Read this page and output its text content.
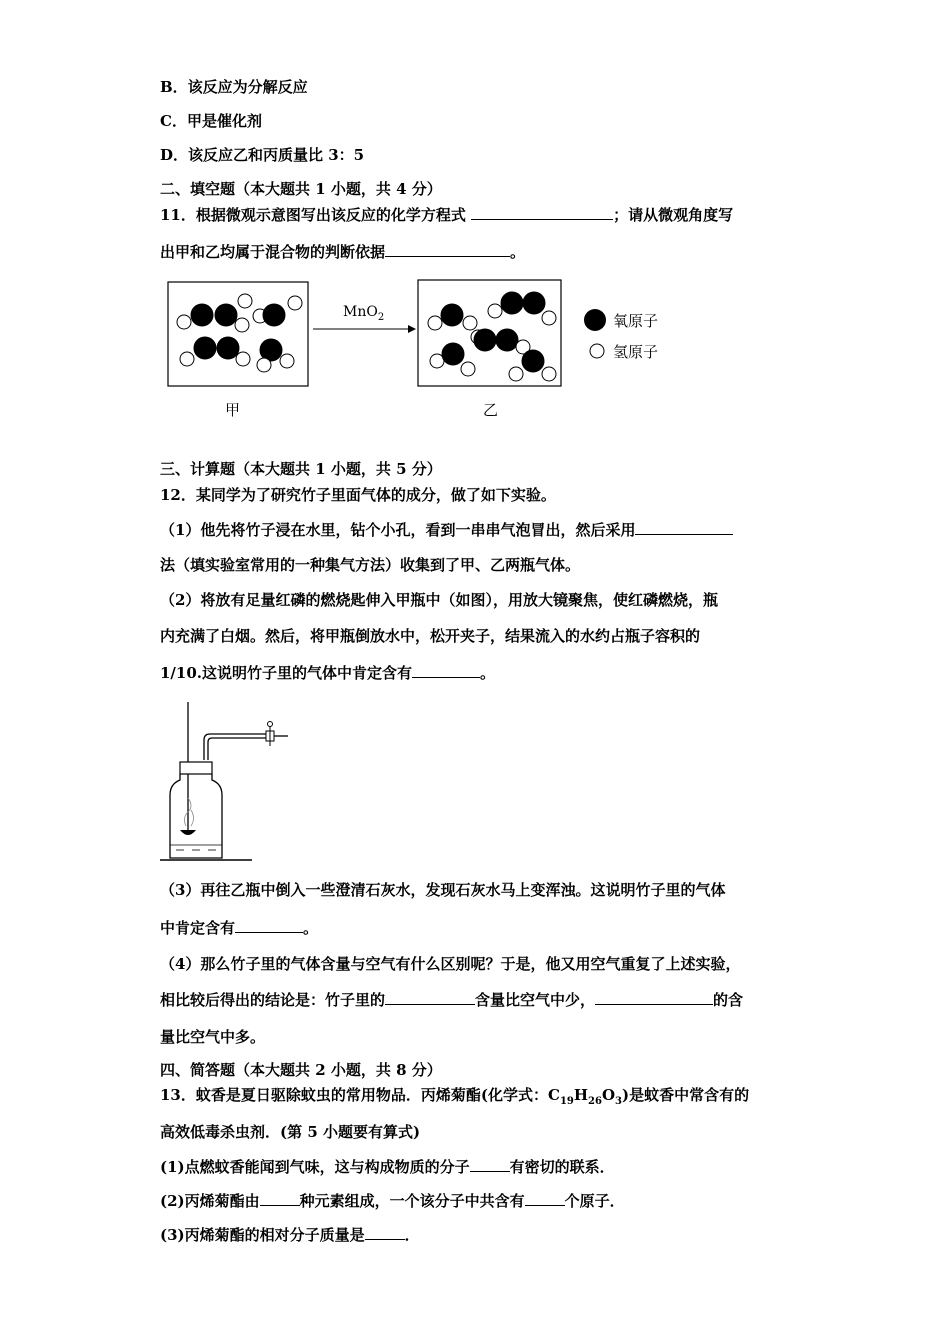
B．该反应为分解反应
C．甲是催化剂
D．该反应乙和丙质量比 3：5
二、填空题（本大题共 1 小题，共 4 分）
11．根据微观示意图写出该反应的化学方程式	；请从微观角度写
出甲和乙均属于混合物的判断依据	。
MnO$_2$	氧原子
氢原子
甲	乙
三、计算题（本大题共 1 小题，共 5 分）
12．某同学为了研究竹子里面气体的成分，做了如下实验。
（1）他先将竹子浸在水里，钻个小孔，看到一串串气泡冒出，然后采用
法（填实验室常用的一种集气方法）收集到了甲、乙两瓶气体。
（2）将放有足量红磷的燃烧匙伸入甲瓶中（如图），用放大镜聚焦，使红磷燃烧，瓶
内充满了白烟。然后，将甲瓶倒放水中，松开夹子，结果流入的水约占瓶子容积的
1/10.这说明竹子里的气体中肯定含有	。
（3）再往乙瓶中倒入一些澄清石灰水，发现石灰水马上变浑浊。这说明竹子里的气体
中肯定含有	。
（4）那么竹子里的气体含量与空气有什么区别呢？于是，他又用空气重复了上述实验，
相比较后得出的结论是：竹子里的	含量比空气中少，	的含
量比空气中多。
四、简答题（本大题共 2 小题，共 8 分）
13．蚊香是夏日驱除蚊虫的常用物品．丙烯菊酯(化学式：$C_{19}H_{26}O_3$)是蚊香中常含有的
高效低毒杀虫剂．(第 5 小题要有算式)
(1)点燃蚊香能闻到气味，这与构成物质的分子	有密切的联系．
(2)丙烯菊酯由	种元素组成，一个该分子中共含有	个原子．
(3)丙烯菊酯的相对分子质量是	．
